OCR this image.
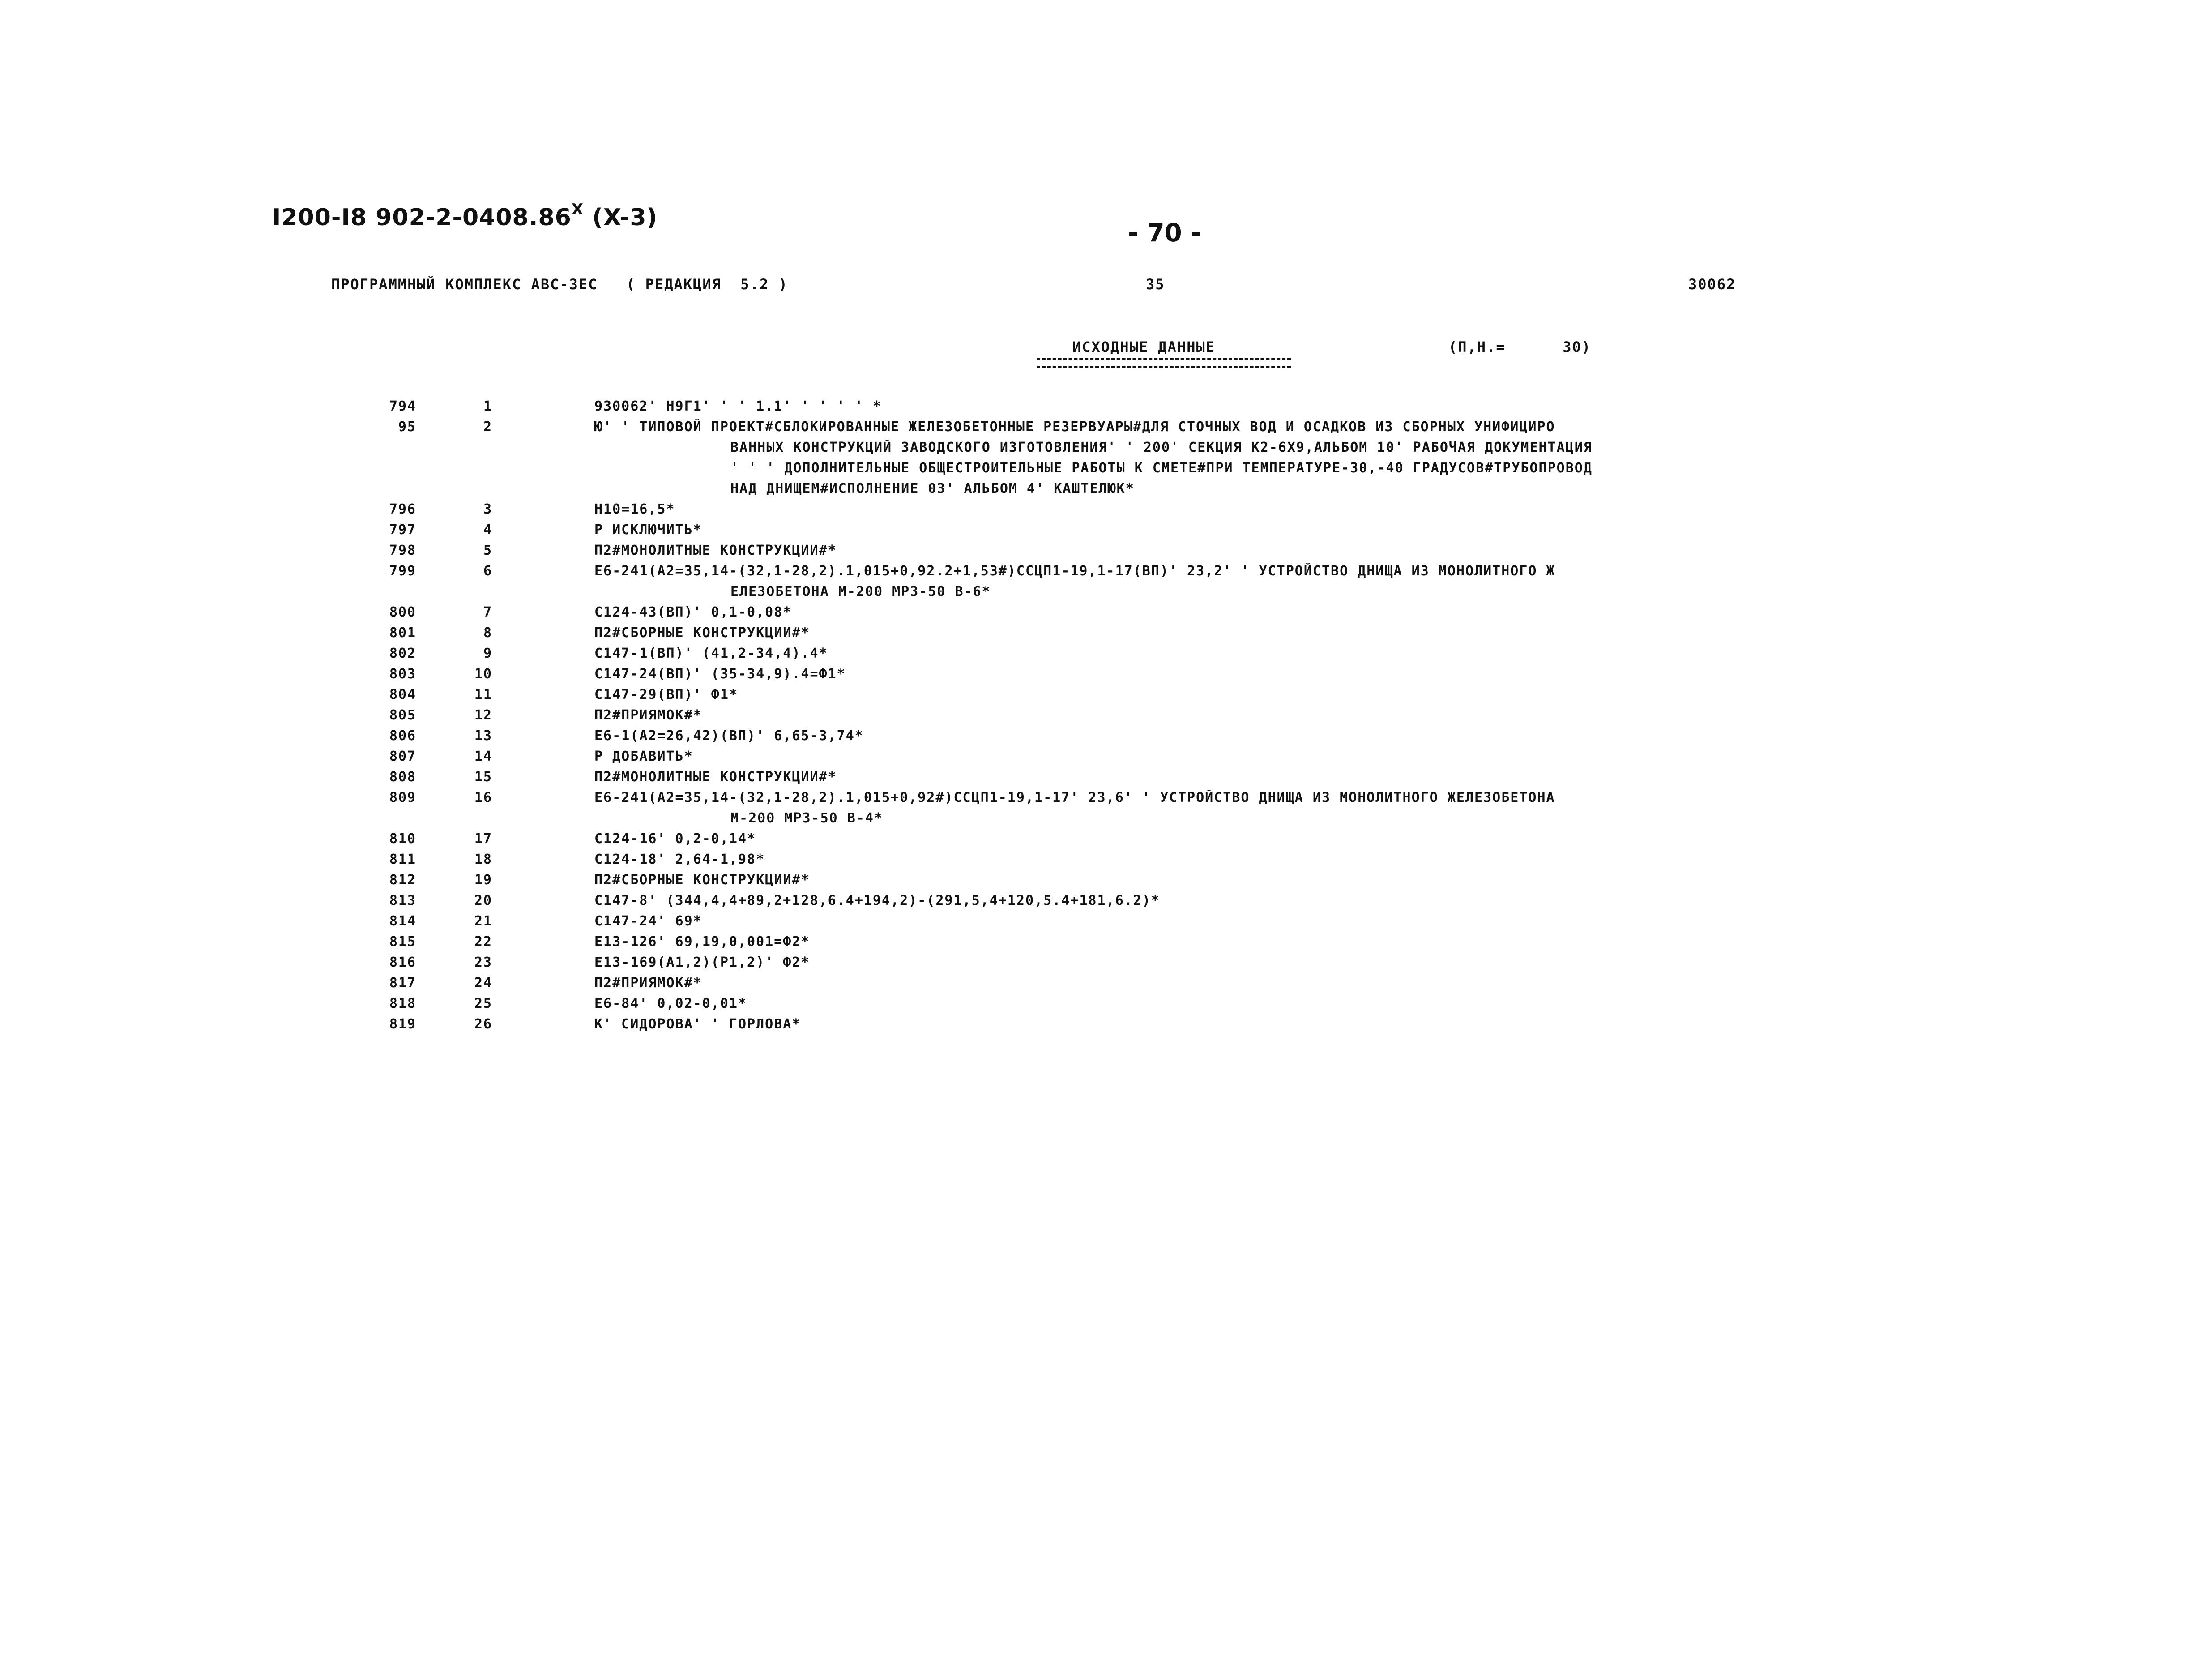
I200-I8 $902-2-0408.86^X$ (X-3)
- 70 -
ПРОГРАММНЫЙ КОМПЛЕКС АВС-3ЕС   ( РЕДАКЦИЯ  5.2 )	35	30062
ИСХОДНЫЕ ДАННЫЕ	(П,Н.=      30)
794	1	930062' Н9Г1' ' ' 1.1' ' ' ' ' *
95	2	Ю' ' ТИПОВОЙ ПРОЕКТ#СБЛОКИРОВАННЫЕ ЖЕЛЕЗОБЕТОННЫЕ РЕЗЕРВУАРЫ#ДЛЯ СТОЧНЫХ ВОД И ОСАДКОВ ИЗ СБОРНЫХ УНИФИЦИРО
ВАННЫХ КОНСТРУКЦИЙ ЗАВОДСКОГО ИЗГОТОВЛЕНИЯ' ' 200' СЕКЦИЯ К2-6Х9,АЛЬБОМ 10' РАБОЧАЯ ДОКУМЕНТАЦИЯ
' ' ' ДОПОЛНИТЕЛЬНЫЕ ОБЩЕСТРОИТЕЛЬНЫЕ РАБОТЫ К СМЕТЕ#ПРИ ТЕМПЕРАТУРЕ-30,-40 ГРАДУСОВ#ТРУБОПРОВОД
НАД ДНИЩЕМ#ИСПОЛНЕНИЕ 03' АЛЬБОМ 4' КАШТЕЛЮК*
796	3	Н10=16,5*
797	4	Р ИСКЛЮЧИТЬ*
798	5	П2#МОНОЛИТНЫЕ КОНСТРУКЦИИ#*
799	6	Е6-241(А2=35,14-(32,1-28,2).1,015+0,92.2+1,53#)ССЦП1-19,1-17(ВП)' 23,2' ' УСТРОЙСТВО ДНИЩА ИЗ МОНОЛИТНОГО Ж
ЕЛЕЗОБЕТОНА М-200 МРЗ-50 В-6*
800	7	С124-43(ВП)' 0,1-0,08*
801	8	П2#СБОРНЫЕ КОНСТРУКЦИИ#*
802	9	С147-1(ВП)' (41,2-34,4).4*
803	10	С147-24(ВП)' (35-34,9).4=Ф1*
804	11	С147-29(ВП)' Ф1*
805	12	П2#ПРИЯМОК#*
806	13	Е6-1(А2=26,42)(ВП)' 6,65-3,74*
807	14	Р ДОБАВИТЬ*
808	15	П2#МОНОЛИТНЫЕ КОНСТРУКЦИИ#*
809	16	Е6-241(А2=35,14-(32,1-28,2).1,015+0,92#)ССЦП1-19,1-17' 23,6' ' УСТРОЙСТВО ДНИЩА ИЗ МОНОЛИТНОГО ЖЕЛЕЗОБЕТОНА
М-200 МРЗ-50 В-4*
810	17	С124-16' 0,2-0,14*
811	18	С124-18' 2,64-1,98*
812	19	П2#СБОРНЫЕ КОНСТРУКЦИИ#*
813	20	С147-8' (344,4,4+89,2+128,6.4+194,2)-(291,5,4+120,5.4+181,6.2)*
814	21	С147-24' 69*
815	22	Е13-126' 69,19,0,001=Ф2*
816	23	Е13-169(А1,2)(Р1,2)' Ф2*
817	24	П2#ПРИЯМОК#*
818	25	Е6-84' 0,02-0,01*
819	26	К' СИДОРОВА' ' ГОРЛОВА*
